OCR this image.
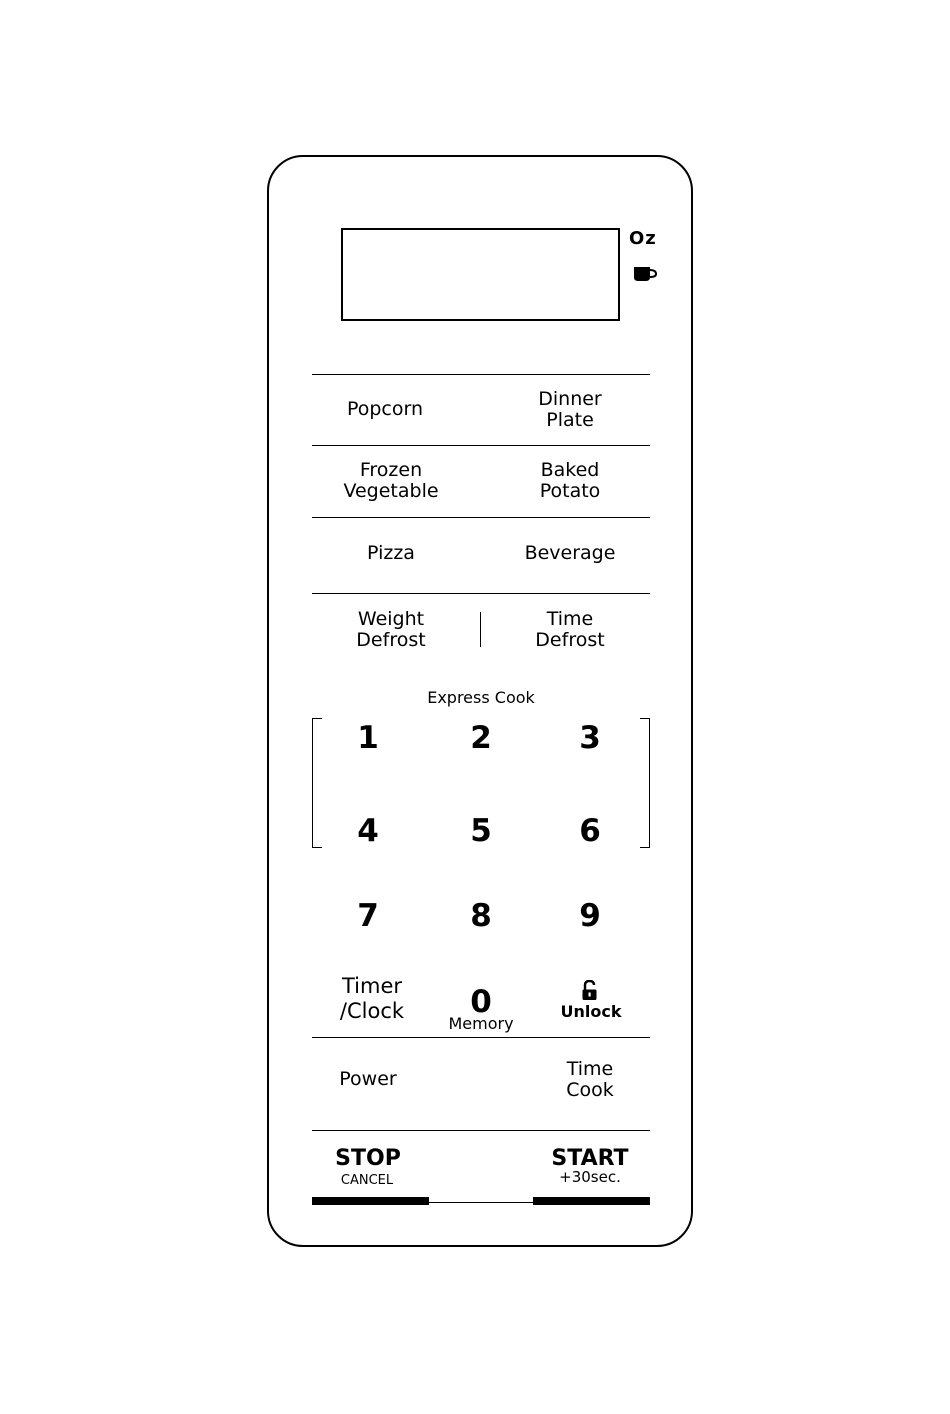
Oz
Popcorn	Dinner
Plate
Frozen
Vegetable
Baked
Potato
Pizza	Beverage
Weight
Defrost
Time
Defrost
Express Cook
1	2	3
4	5	6
7	8	9
Timer
/Clock 0
Memory
Unlock
Power	Time
Cook
STOP
CANCEL
START
+30sec.
